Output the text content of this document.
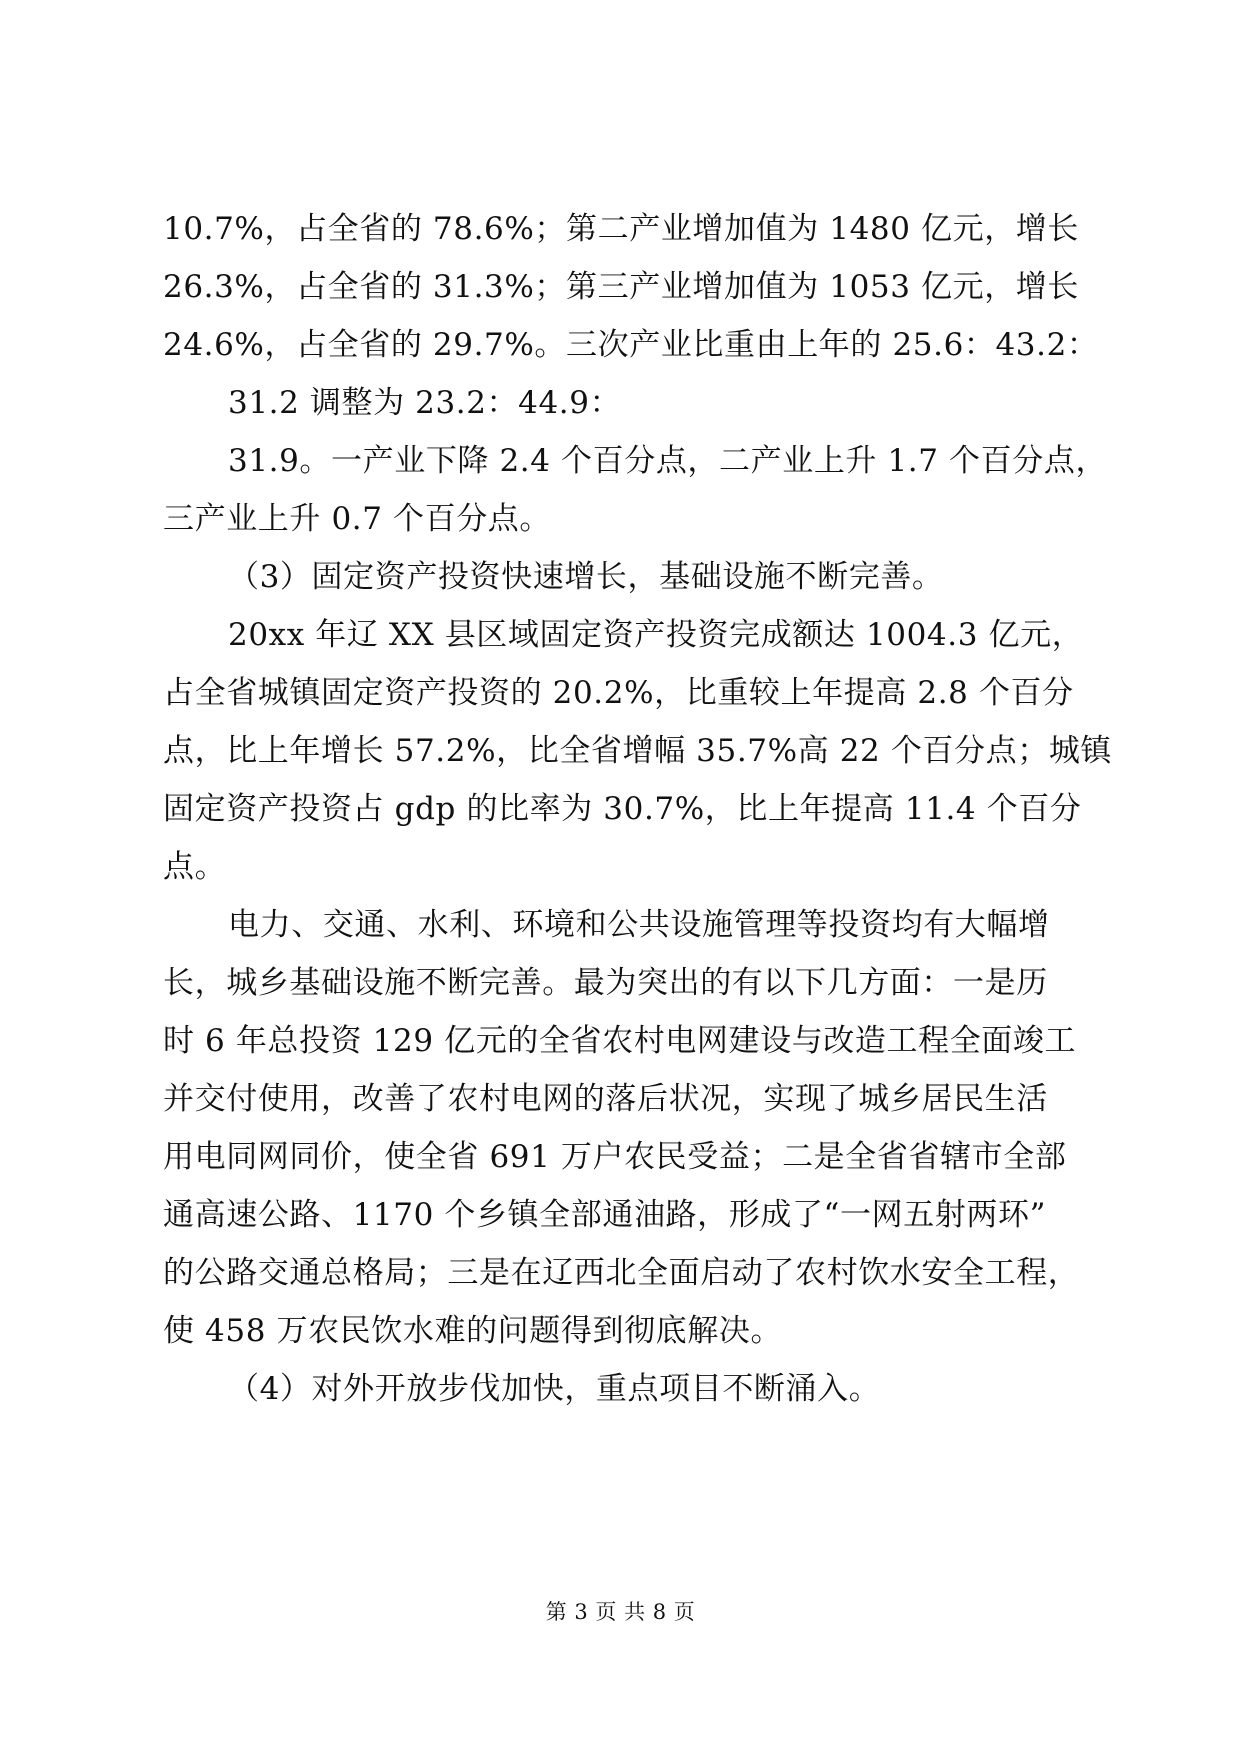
10.7%，占全省的 78.6%；第二产业增加值为 1480 亿元，增长
26.3%，占全省的 31.3%；第三产业增加值为 1053 亿元，增长
24.6%，占全省的 29.7%。三次产业比重由上年的 25.6：43.2：
31.2 调整为 23.2：44.9：
31.9。一产业下降 2.4 个百分点，二产业上升 1.7 个百分点，
三产业上升 0.7 个百分点。
（3）固定资产投资快速增长，基础设施不断完善。
20xx 年辽 XX 县区域固定资产投资完成额达 1004.3 亿元，
占全省城镇固定资产投资的 20.2%，比重较上年提高 2.8 个百分
点，比上年增长 57.2%，比全省增幅 35.7%高 22 个百分点；城镇
固定资产投资占 gdp 的比率为 30.7%，比上年提高 11.4 个百分
点。
电力、交通、水利、环境和公共设施管理等投资均有大幅增
长，城乡基础设施不断完善。最为突出的有以下几方面：一是历
时 6 年总投资 129 亿元的全省农村电网建设与改造工程全面竣工
并交付使用，改善了农村电网的落后状况，实现了城乡居民生活
用电同网同价，使全省 691 万户农民受益；二是全省省辖市全部
通高速公路、1170 个乡镇全部通油路，形成了“一网五射两环”
的公路交通总格局；三是在辽西北全面启动了农村饮水安全工程，
使 458 万农民饮水难的问题得到彻底解决。
（4）对外开放步伐加快，重点项目不断涌入。
第 3 页 共 8 页
